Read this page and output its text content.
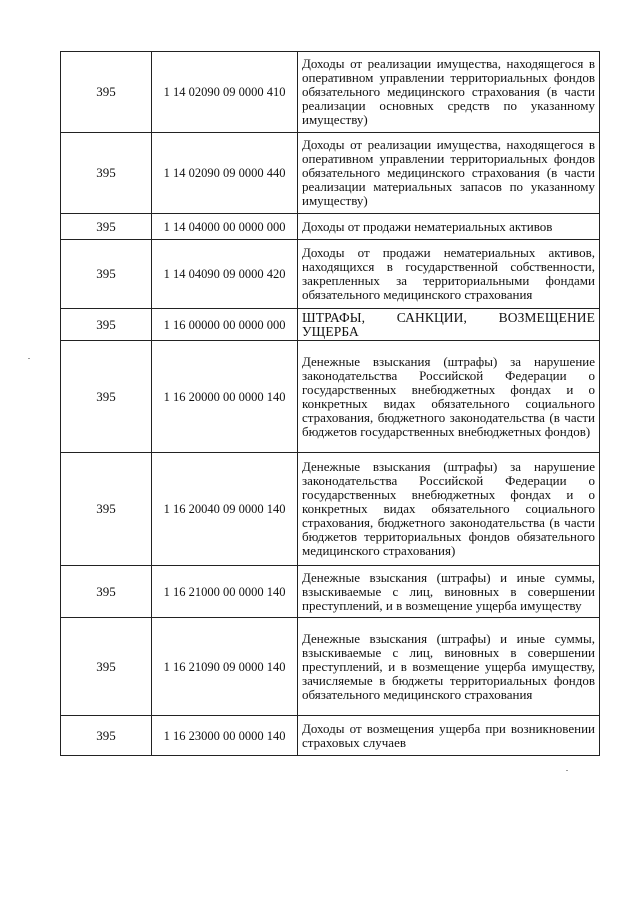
395	1 14 02090 09 0000 410	Доходы от реализации имущества, находящегося в оперативном управлении территориальных фондов обязательного медицинского страхования (в части реализации основных средств по указанному имуществу)
395	1 14 02090 09 0000 440	Доходы от реализации имущества, находящегося в оперативном управлении территориальных фондов обязательного медицинского страхования (в части реализации материальных запасов по указанному имуществу)
395	1 14 04000 00 0000 000	Доходы от продажи нематериальных активов
395	1 14 04090 09 0000 420	Доходы от продажи нематериальных активов, находящихся в государственной собственности, закрепленных за территориальными фондами обязательного медицинского страхования
395	1 16 00000 00 0000 000	ШТРАФЫ, САНКЦИИ, ВОЗМЕЩЕНИЕ УЩЕРБА
395	1 16 20000 00 0000 140	Денежные взыскания (штрафы) за нарушение законодательства Российской Федерации о государственных внебюджетных фондах и о конкретных видах обязательного социального страхования, бюджетного законодательства (в части бюджетов государственных внебюджетных фондов)
395	1 16 20040 09 0000 140	Денежные взыскания (штрафы) за нарушение законодательства Российской Федерации о государственных внебюджетных фондах и о конкретных видах обязательного социального страхования, бюджетного законодательства (в части бюджетов территориальных фондов обязательного медицинского страхования)
395	1 16 21000 00 0000 140	Денежные взыскания (штрафы) и иные суммы, взыскиваемые с лиц, виновных в совершении преступлений, и в возмещение ущерба имуществу
395	1 16 21090 09 0000 140	Денежные взыскания (штрафы) и иные суммы, взыскиваемые с лиц, виновных в совершении преступлений, и в возмещение ущерба имуществу, зачисляемые в бюджеты территориальных фондов обязательного медицинского страхования
395	1 16 23000 00 0000 140	Доходы от возмещения ущерба при возникновении страховых случаев
